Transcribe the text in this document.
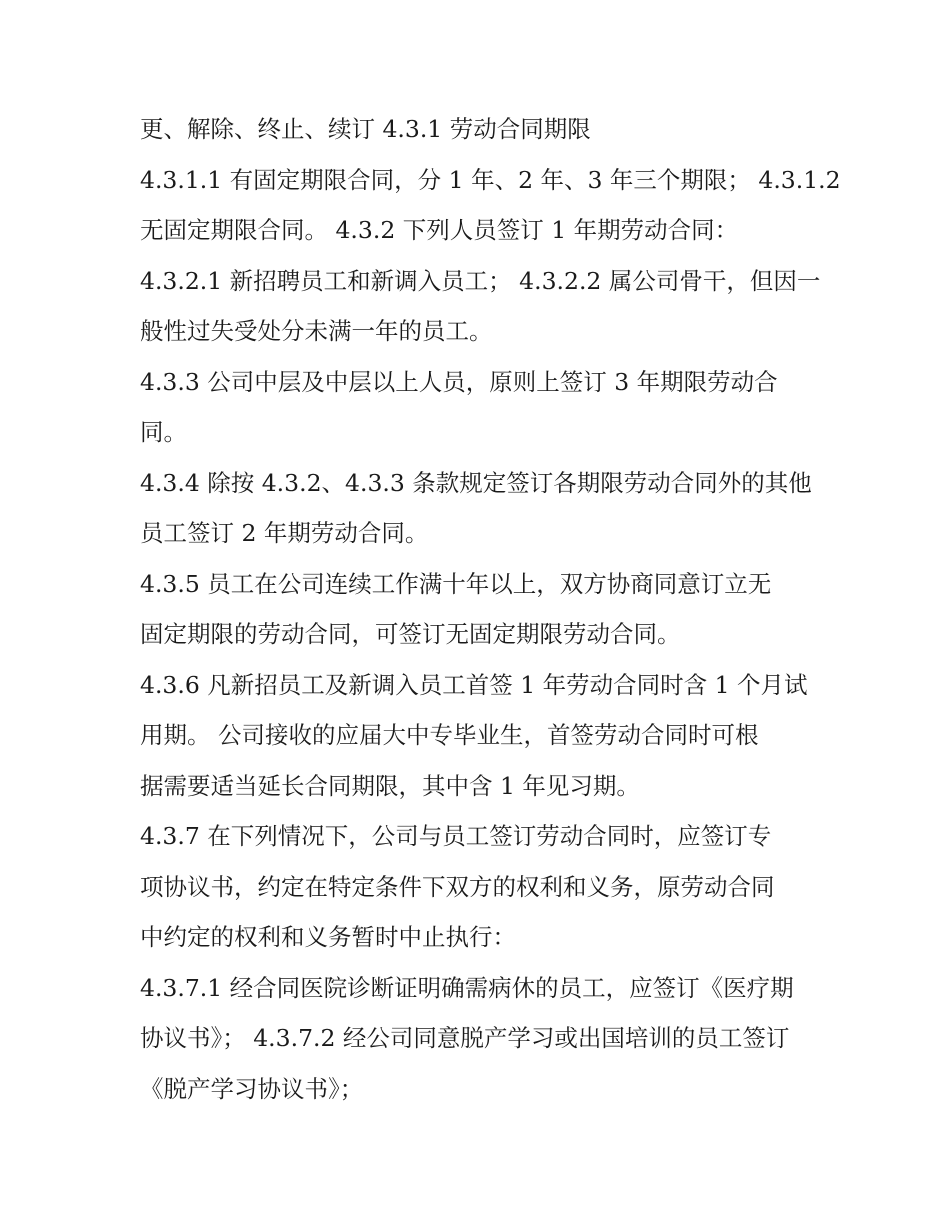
更、解除、终止、续订 4.3.1 劳动合同期限
4.3.1.1 有固定期限合同，分 1 年、2 年、3 年三个期限； 4.3.1.2
无固定期限合同。 4.3.2 下列人员签订 1 年期劳动合同：
4.3.2.1 新招聘员工和新调入员工； 4.3.2.2 属公司骨干，但因一
般性过失受处分未满一年的员工。
4.3.3 公司中层及中层以上人员，原则上签订 3 年期限劳动合
同。
4.3.4 除按 4.3.2、4.3.3 条款规定签订各期限劳动合同外的其他
员工签订 2 年期劳动合同。
4.3.5 员工在公司连续工作满十年以上，双方协商同意订立无
固定期限的劳动合同，可签订无固定期限劳动合同。
4.3.6 凡新招员工及新调入员工首签 1 年劳动合同时含 1 个月试
用期。 公司接收的应届大中专毕业生，首签劳动合同时可根
据需要适当延长合同期限，其中含 1 年见习期。
4.3.7 在下列情况下，公司与员工签订劳动合同时，应签订专
项协议书，约定在特定条件下双方的权利和义务，原劳动合同
中约定的权利和义务暂时中止执行：
4.3.7.1 经合同医院诊断证明确需病休的员工，应签订《医疗期
协议书》； 4.3.7.2 经公司同意脱产学习或出国培训的员工签订
《脱产学习协议书》；
